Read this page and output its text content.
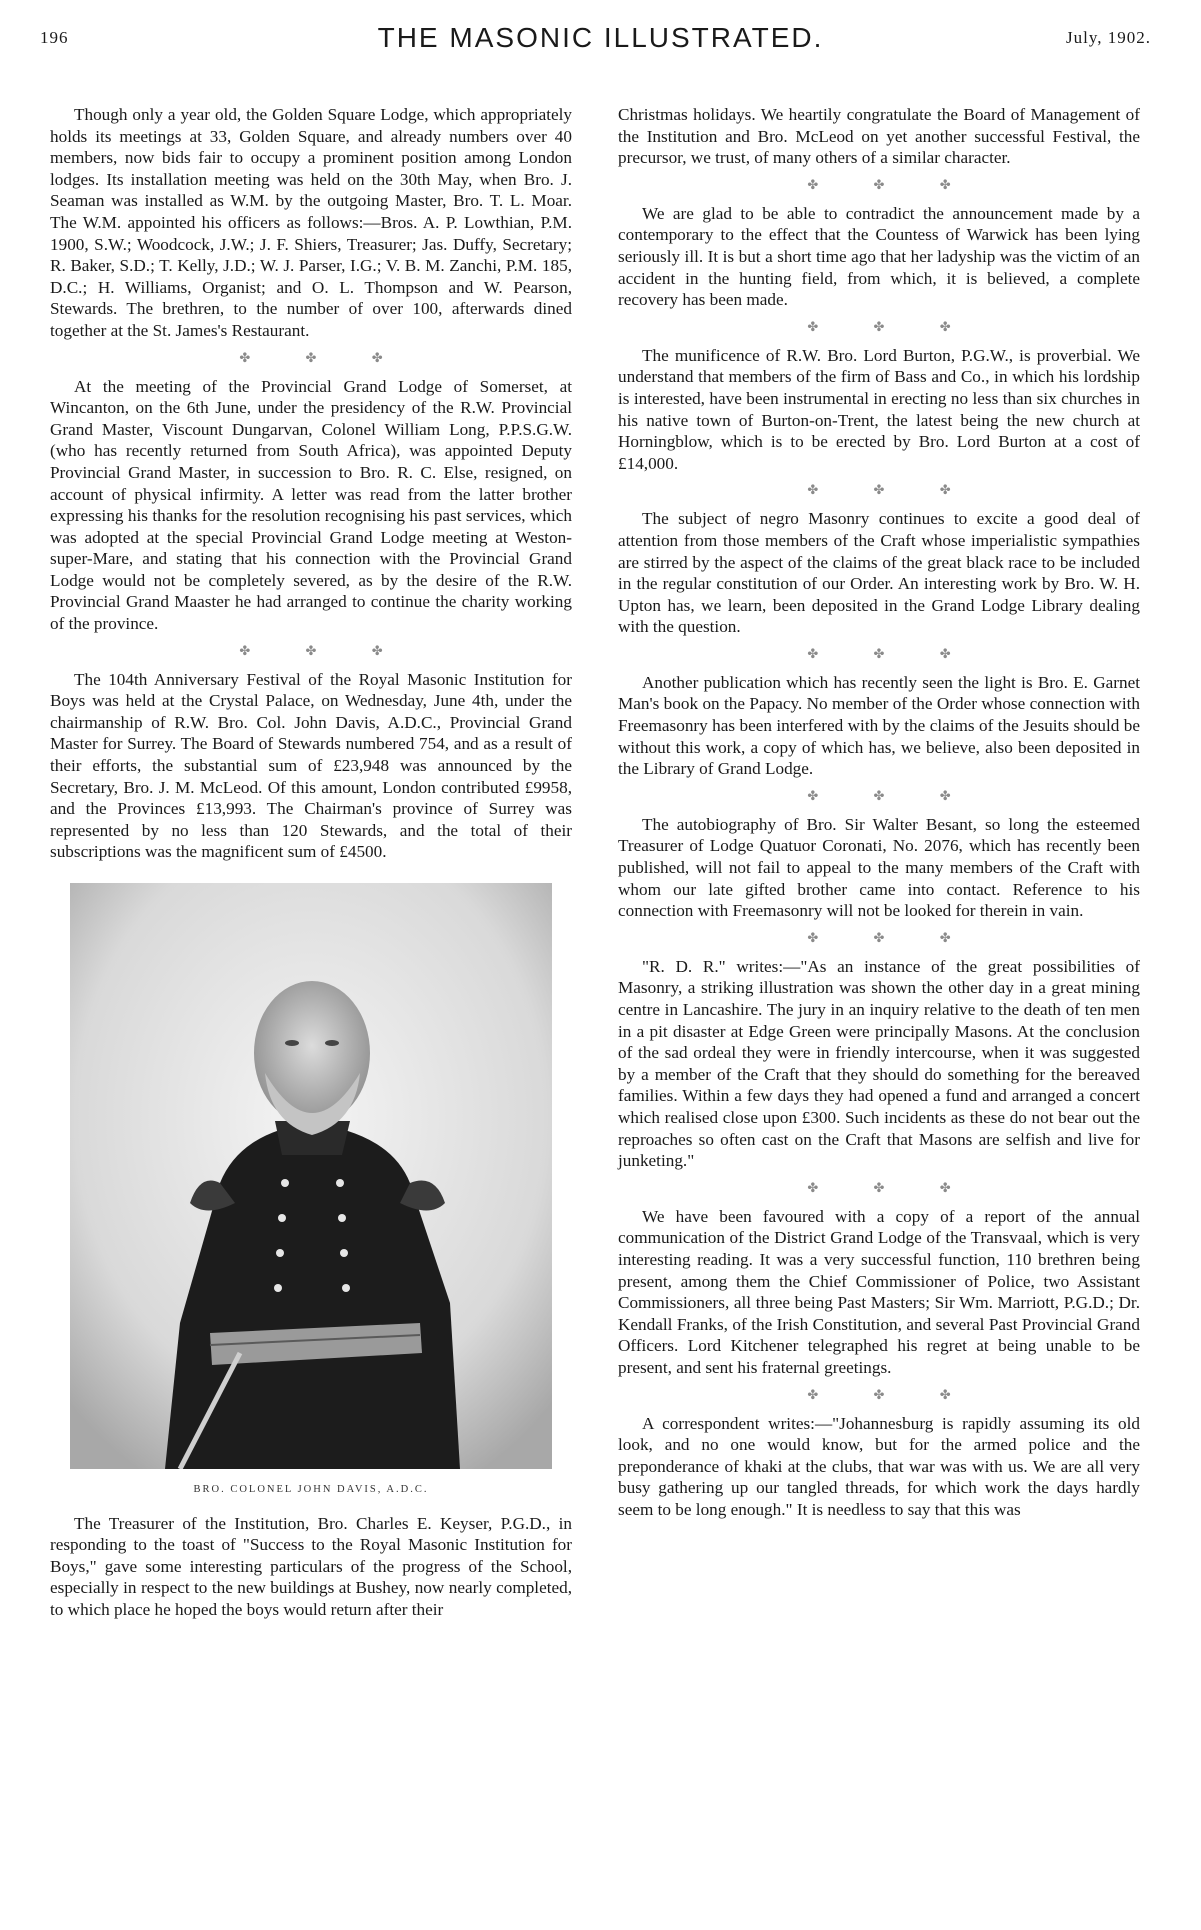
196	THE MASONIC ILLUSTRATED.	July, 1902.

Though only a year old, the Golden Square Lodge, which appropriately holds its meetings at 33, Golden Square, and already numbers over 40 members, now bids fair to occupy a prominent position among London lodges. Its installation meeting was held on the 30th May, when Bro. J. Seaman was installed as W.M. by the outgoing Master, Bro. T. L. Moar. The W.M. appointed his officers as follows:—Bros. A. P. Lowthian, P.M. 1900, S.W.; Woodcock, J.W.; J. F. Shiers, Treasurer; Jas. Duffy, Secretary; R. Baker, S.D.; T. Kelly, J.D.; W. J. Parser, I.G.; V. B. M. Zanchi, P.M. 185, D.C.; H. Williams, Organist; and O. L. Thompson and W. Pearson, Stewards. The brethren, to the number of over 100, afterwards dined together at the St. James's Restaurant.

✤ ✤ ✤

At the meeting of the Provincial Grand Lodge of Somerset, at Wincanton, on the 6th June, under the presidency of the R.W. Provincial Grand Master, Viscount Dungarvan, Colonel William Long, P.P.S.G.W. (who has recently returned from South Africa), was appointed Deputy Provincial Grand Master, in succession to Bro. R. C. Else, resigned, on account of physical infirmity. A letter was read from the latter brother expressing his thanks for the resolution recognising his past services, which was adopted at the special Provincial Grand Lodge meeting at Weston-super-Mare, and stating that his connection with the Provincial Grand Lodge would not be completely severed, as by the desire of the R.W. Provincial Grand Maaster he had arranged to continue the charity working of the province.

✤ ✤ ✤

The 104th Anniversary Festival of the Royal Masonic Institution for Boys was held at the Crystal Palace, on Wednesday, June 4th, under the chairmanship of R.W. Bro. Col. John Davis, A.D.C., Provincial Grand Master for Surrey. The Board of Stewards numbered 754, and as a result of their efforts, the substantial sum of £23,948 was announced by the Secretary, Bro. J. M. McLeod. Of this amount, London contributed £9958, and the Provinces £13,993. The Chairman's province of Surrey was represented by no less than 120 Stewards, and the total of their subscriptions was the magnificent sum of £4500.

BRO. COLONEL JOHN DAVIS, A.D.C.

The Treasurer of the Institution, Bro. Charles E. Keyser, P.G.D., in responding to the toast of "Success to the Royal Masonic Institution for Boys," gave some interesting particulars of the progress of the School, especially in respect to the new buildings at Bushey, now nearly completed, to which place he hoped the boys would return after their

Christmas holidays. We heartily congratulate the Board of Management of the Institution and Bro. McLeod on yet another successful Festival, the precursor, we trust, of many others of a similar character.

✤ ✤ ✤

We are glad to be able to contradict the announcement made by a contemporary to the effect that the Countess of Warwick has been lying seriously ill. It is but a short time ago that her ladyship was the victim of an accident in the hunting field, from which, it is believed, a complete recovery has been made.

✤ ✤ ✤

The munificence of R.W. Bro. Lord Burton, P.G.W., is proverbial. We understand that members of the firm of Bass and Co., in which his lordship is interested, have been instrumental in erecting no less than six churches in his native town of Burton-on-Trent, the latest being the new church at Horningblow, which is to be erected by Bro. Lord Burton at a cost of £14,000.

✤ ✤ ✤

The subject of negro Masonry continues to excite a good deal of attention from those members of the Craft whose imperialistic sympathies are stirred by the aspect of the claims of the great black race to be included in the regular constitution of our Order. An interesting work by Bro. W. H. Upton has, we learn, been deposited in the Grand Lodge Library dealing with the question.

✤ ✤ ✤

Another publication which has recently seen the light is Bro. E. Garnet Man's book on the Papacy. No member of the Order whose connection with Freemasonry has been interfered with by the claims of the Jesuits should be without this work, a copy of which has, we believe, also been deposited in the Library of Grand Lodge.

✤ ✤ ✤

The autobiography of Bro. Sir Walter Besant, so long the esteemed Treasurer of Lodge Quatuor Coronati, No. 2076, which has recently been published, will not fail to appeal to the many members of the Craft with whom our late gifted brother came into contact. Reference to his connection with Freemasonry will not be looked for therein in vain.

✤ ✤ ✤

"R. D. R." writes:—"As an instance of the great possibilities of Masonry, a striking illustration was shown the other day in a great mining centre in Lancashire. The jury in an inquiry relative to the death of ten men in a pit disaster at Edge Green were principally Masons. At the conclusion of the sad ordeal they were in friendly intercourse, when it was suggested by a member of the Craft that they should do something for the bereaved families. Within a few days they had opened a fund and arranged a concert which realised close upon £300. Such incidents as these do not bear out the reproaches so often cast on the Craft that Masons are selfish and live for junketing."

✤ ✤ ✤

We have been favoured with a copy of a report of the annual communication of the District Grand Lodge of the Transvaal, which is very interesting reading. It was a very successful function, 110 brethren being present, among them the Chief Commissioner of Police, two Assistant Commissioners, all three being Past Masters; Sir Wm. Marriott, P.G.D.; Dr. Kendall Franks, of the Irish Constitution, and several Past Provincial Grand Officers. Lord Kitchener telegraphed his regret at being unable to be present, and sent his fraternal greetings.

✤ ✤ ✤

A correspondent writes:—"Johannesburg is rapidly assuming its old look, and no one would know, but for the armed police and the preponderance of khaki at the clubs, that war was with us. We are all very busy gathering up our tangled threads, for which work the days hardly seem to be long enough." It is needless to say that this was
